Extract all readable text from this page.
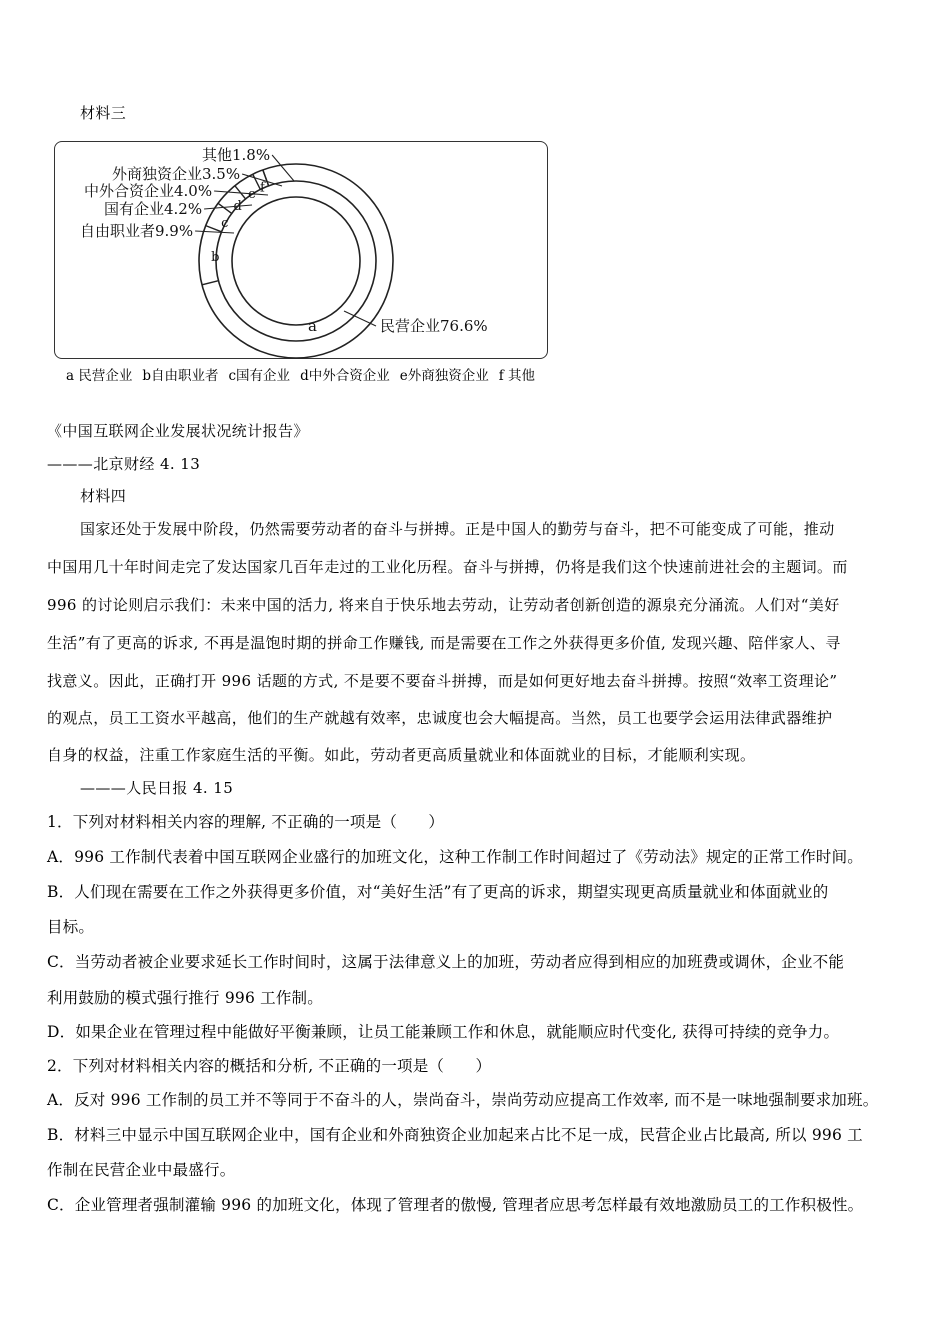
材料三
f
e
d
c
b
a	民营企业76.6%
自由职业者9.9%
国有企业4.2%
中外合资企业4.0%
外商独资企业3.5%
其他1.8%
a 民营企业 b自由职业者 c国有企业 d中外合资企业 e外商独资企业 f 其他
《中国互联网企业发展状况统计报告》
———北京财经 4. 13
材料四
国家还处于发展中阶段，仍然需要劳动者的奋斗与拼搏。正是中国人的勤劳与奋斗，把不可能变成了可能，推动
中国用几十年时间走完了发达国家几百年走过的工业化历程。奋斗与拼搏，仍将是我们这个快速前进社会的主题词。而
996 的讨论则启示我们：未来中国的活力, 将来自于快乐地去劳动，让劳动者创新创造的源泉充分涌流。人们对“美好
生活”有了更高的诉求, 不再是温饱时期的拼命工作赚钱, 而是需要在工作之外获得更多价值, 发现兴趣、陪伴家人、寻
找意义。因此，正确打开 996 话题的方式, 不是要不要奋斗拼搏，而是如何更好地去奋斗拼搏。按照“效率工资理论”
的观点，员工工资水平越高，他们的生产就越有效率，忠诚度也会大幅提高。当然，员工也要学会运用法律武器维护
自身的权益，注重工作家庭生活的平衡。如此，劳动者更高质量就业和体面就业的目标，才能顺利实现。
———人民日报 4. 15
1．下列对材料相关内容的理解, 不正确的一项是（　　）
A．996 工作制代表着中国互联网企业盛行的加班文化，这种工作制工作时间超过了《劳动法》规定的正常工作时间。
B．人们现在需要在工作之外获得更多价值，对“美好生活”有了更高的诉求，期望实现更高质量就业和体面就业的
目标。
C．当劳动者被企业要求延长工作时间时，这属于法律意义上的加班，劳动者应得到相应的加班费或调休，企业不能
利用鼓励的模式强行推行 996 工作制。
D．如果企业在管理过程中能做好平衡兼顾，让员工能兼顾工作和休息，就能顺应时代变化, 获得可持续的竞争力。
2．下列对材料相关内容的概括和分析, 不正确的一项是（　　）
A．反对 996 工作制的员工并不等同于不奋斗的人，崇尚奋斗，崇尚劳动应提高工作效率, 而不是一味地强制要求加班。
B．材料三中显示中国互联网企业中，国有企业和外商独资企业加起来占比不足一成，民营企业占比最高, 所以 996 工
作制在民营企业中最盛行。
C．企业管理者强制灌输 996 的加班文化，体现了管理者的傲慢, 管理者应思考怎样最有效地激励员工的工作积极性。
